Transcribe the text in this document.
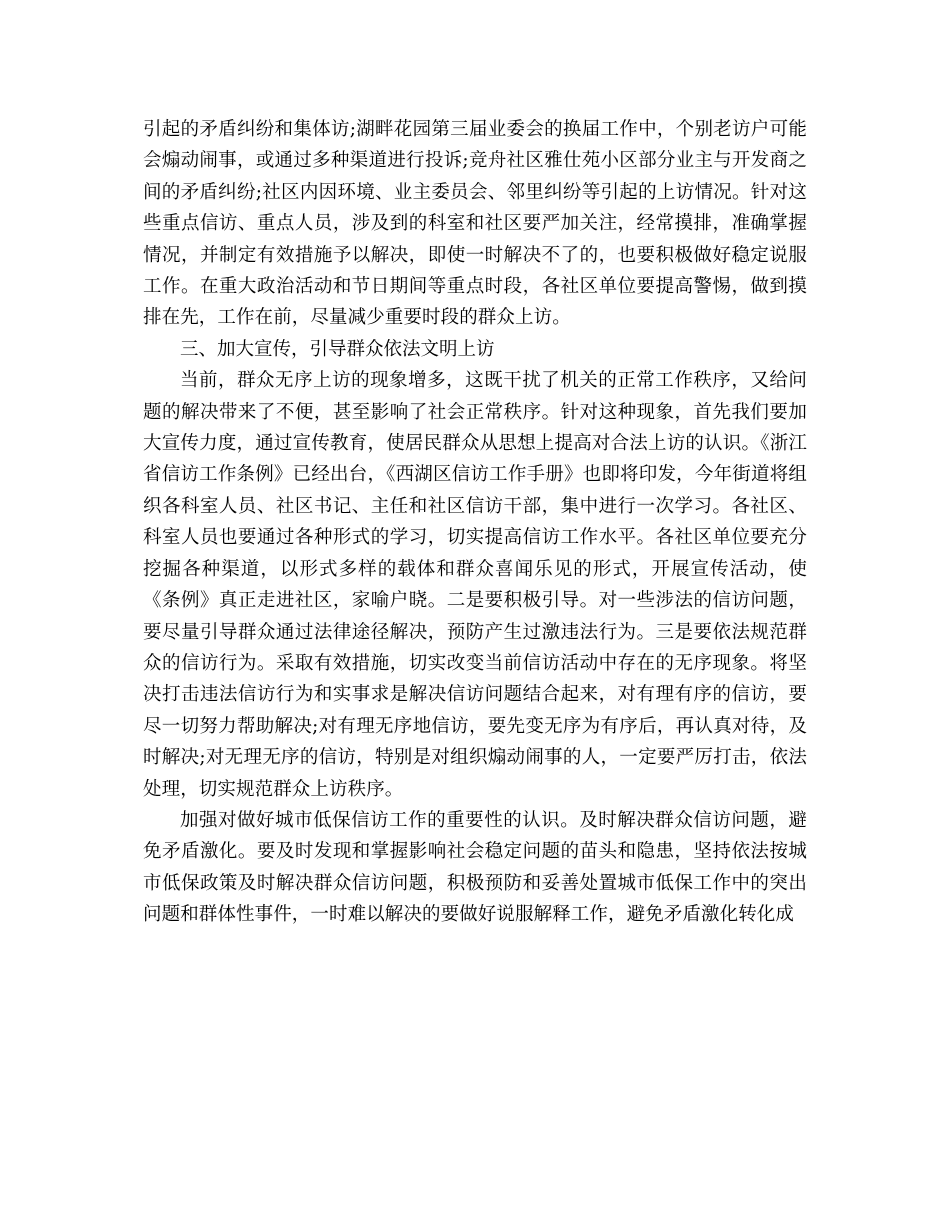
引起的矛盾纠纷和集体访;湖畔花园第三届业委会的换届工作中，个别老访户可能会煽动闹事，或通过多种渠道进行投诉;竞舟社区雅仕苑小区部分业主与开发商之间的矛盾纠纷;社区内因环境、业主委员会、邻里纠纷等引起的上访情况。针对这些重点信访、重点人员，涉及到的科室和社区要严加关注，经常摸排，准确掌握情况，并制定有效措施予以解决，即使一时解决不了的，也要积极做好稳定说服工作。在重大政治活动和节日期间等重点时段，各社区单位要提高警惕，做到摸排在先，工作在前，尽量减少重要时段的群众上访。

三、加大宣传，引导群众依法文明上访

当前，群众无序上访的现象增多，这既干扰了机关的正常工作秩序，又给问题的解决带来了不便，甚至影响了社会正常秩序。针对这种现象，首先我们要加大宣传力度，通过宣传教育，使居民群众从思想上提高对合法上访的认识。《浙江省信访工作条例》已经出台，《西湖区信访工作手册》也即将印发，今年街道将组织各科室人员、社区书记、主任和社区信访干部，集中进行一次学习。各社区、科室人员也要通过各种形式的学习，切实提高信访工作水平。各社区单位要充分挖掘各种渠道，以形式多样的载体和群众喜闻乐见的形式，开展宣传活动，使《条例》真正走进社区，家喻户晓。二是要积极引导。对一些涉法的信访问题，要尽量引导群众通过法律途径解决，预防产生过激违法行为。三是要依法规范群众的信访行为。采取有效措施，切实改变当前信访活动中存在的无序现象。将坚决打击违法信访行为和实事求是解决信访问题结合起来，对有理有序的信访，要尽一切努力帮助解决;对有理无序地信访，要先变无序为有序后，再认真对待，及时解决;对无理无序的信访，特别是对组织煽动闹事的人，一定要严厉打击，依法处理，切实规范群众上访秩序。

加强对做好城市低保信访工作的重要性的认识。及时解决群众信访问题，避免矛盾激化。要及时发现和掌握影响社会稳定问题的苗头和隐患，坚持依法按城市低保政策及时解决群众信访问题，积极预防和妥善处置城市低保工作中的突出问题和群体性事件，一时难以解决的要做好说服解释工作，避免矛盾激化转化成
